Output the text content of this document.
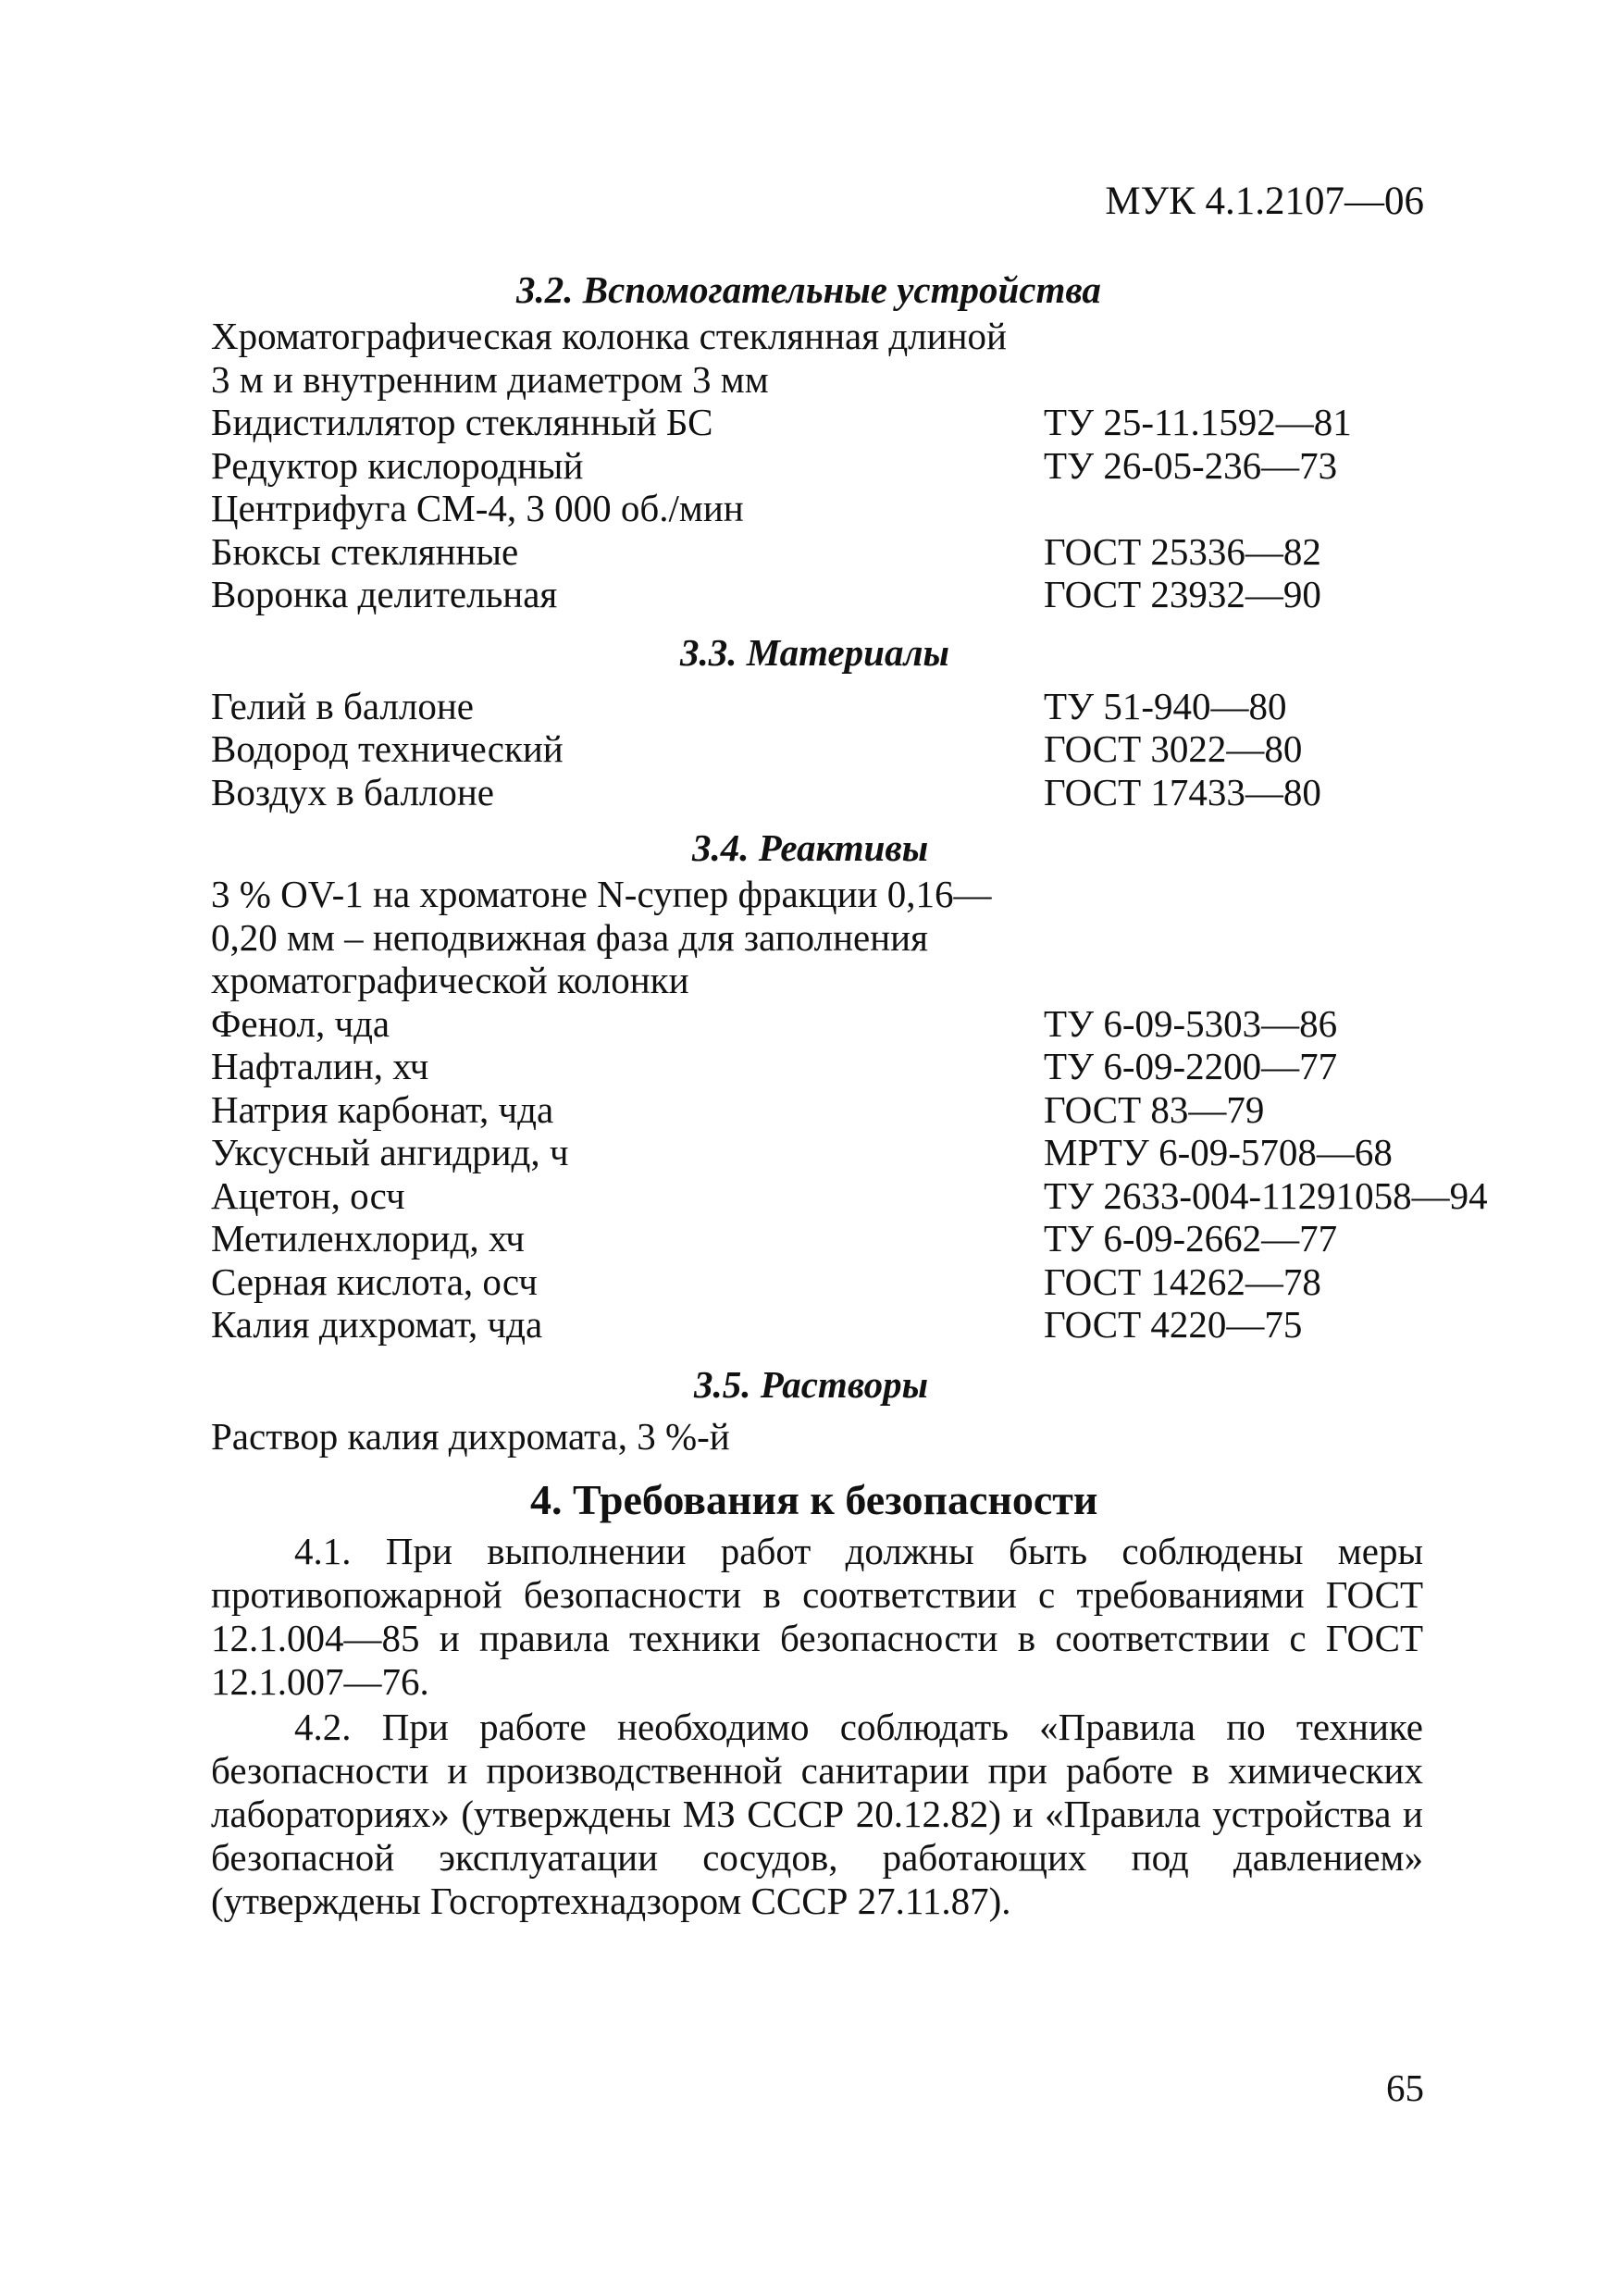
МУК 4.1.2107—06
3.2. Вспомогательные устройства
Хроматографическая колонка стеклянная длиной
3 м и внутренним диаметром 3 мм
Бидистиллятор стеклянный БС	ТУ 25-11.1592—81
Редуктор кислородный	ТУ 26-05-236—73
Центрифуга СМ-4, 3 000 об./мин
Бюксы стеклянные	ГОСТ 25336—82
Воронка делительная	ГОСТ 23932—90
3.3. Материалы
Гелий в баллоне	ТУ 51-940—80
Водород технический	ГОСТ 3022—80
Воздух в баллоне	ГОСТ 17433—80
3.4. Реактивы
3 % OV-1 на хроматоне N-супер фракции 0,16—
0,20 мм – неподвижная фаза для заполнения
хроматографической колонки
Фенол, чда	ТУ 6-09-5303—86
Нафталин, хч	ТУ 6-09-2200—77
Натрия карбонат, чда	ГОСТ 83—79
Уксусный ангидрид, ч	МРТУ 6-09-5708—68
Ацетон, осч	ТУ 2633-004-11291058—94
Метиленхлорид, хч	ТУ 6-09-2662—77
Серная кислота, осч	ГОСТ 14262—78
Калия дихромат, чда	ГОСТ 4220—75
3.5. Растворы
Раствор калия дихромата, 3 %-й
4. Требования к безопасности

4.1. При выполнении работ должны быть соблюдены меры противопожарной безопасности в соответствии с требованиями ГОСТ 12.1.004—85 и правила техники безопасности в соответствии с ГОСТ 12.1.007—76.

4.2. При работе необходимо соблюдать «Правила по технике безопасности и производственной санитарии при работе в химических лабораториях» (утверждены МЗ СССР 20.12.82) и «Правила устройства и безопасной эксплуатации сосудов, работающих под давлением» (утверждены Госгортехнадзором СССР 27.11.87).

65
